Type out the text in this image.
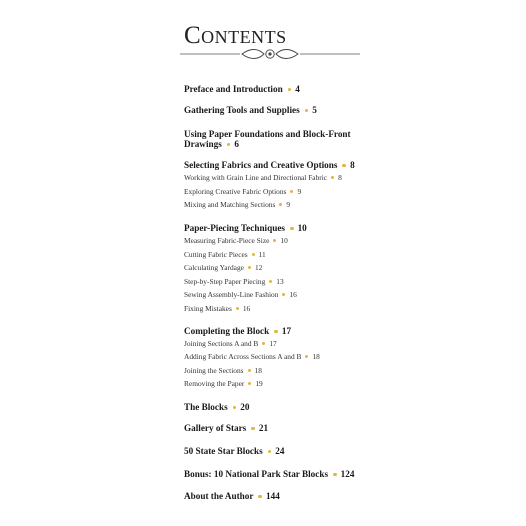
Contents
Preface and Introduction 4
Gathering Tools and Supplies 5
Using Paper Foundations and Block-Front
Drawings 6
Selecting Fabrics and Creative Options 8
Working with Grain Line and Directional Fabric 8
Exploring Creative Fabric Options 9
Mixing and Matching Sections 9
Paper-Piecing Techniques 10
Measuring Fabric-Piece Size 10
Cutting Fabric Pieces 11
Calculating Yardage 12
Step-by-Step Paper Piecing 13
Sewing Assembly-Line Fashion 16
Fixing Mistakes 16
Completing the Block 17
Joining Sections A and B 17
Adding Fabric Across Sections A and B 18
Joining the Sections 18
Removing the Paper 19
The Blocks 20
Gallery of Stars 21
50 State Star Blocks 24
Bonus: 10 National Park Star Blocks 124
About the Author 144
